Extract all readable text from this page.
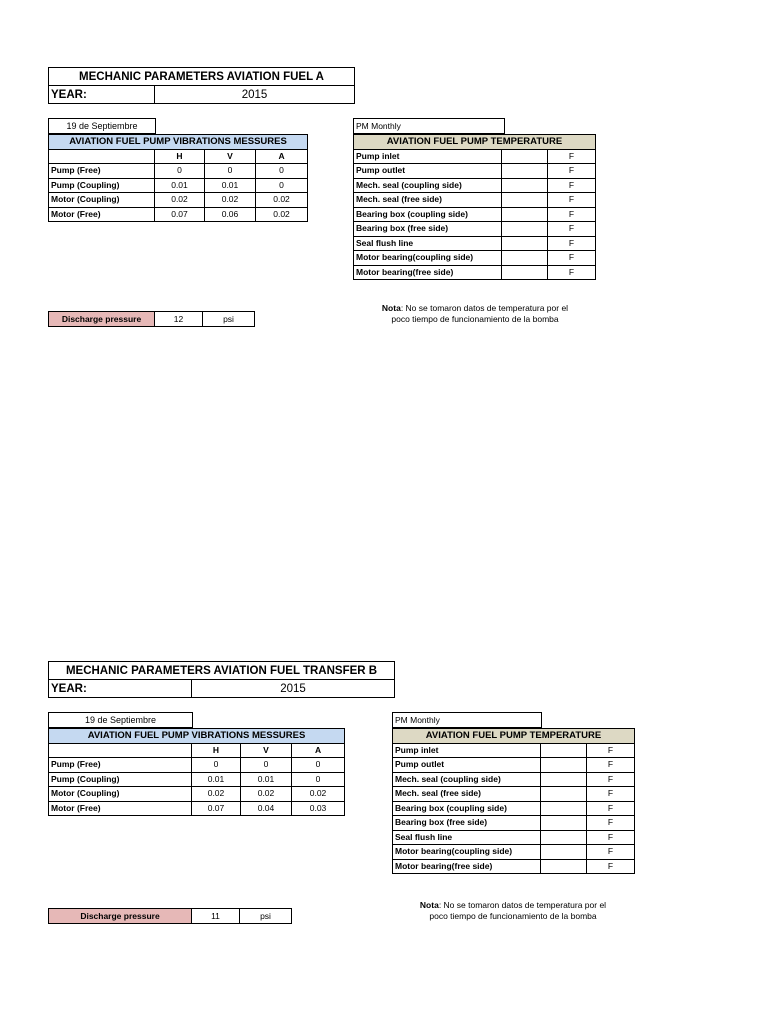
MECHANIC PARAMETERS AVIATION FUEL A
YEAR:	2015
19 de Septiembre	PM Monthly
AVIATION FUEL PUMP VIBRATIONS MESSURES			
	H	V	A
Pump (Free)	0	0	0
Pump (Coupling)	0.01	0.01	0
Motor (Coupling)	0.02	0.02	0.02
Motor (Free)	0.07	0.06	0.02
AVIATION FUEL PUMP TEMPERATURE		
Pump inlet		F
Pump outlet		F
Mech. seal (coupling side)		F
Mech. seal (free side)		F
Bearing box (coupling side)		F
Bearing box (free side)		F
Seal flush line		F
Motor bearing(coupling side)		F
Motor bearing(free side)		F
Discharge pressure	12	psi
Nota: No se tomaron datos de temperatura por el
poco tiempo de funcionamiento de la bomba
MECHANIC PARAMETERS AVIATION FUEL TRANSFER B
YEAR:	2015
19 de Septiembre	PM Monthly
AVIATION FUEL PUMP VIBRATIONS MESSURES			
	H	V	A
Pump (Free)	0	0	0
Pump (Coupling)	0.01	0.01	0
Motor (Coupling)	0.02	0.02	0.02
Motor (Free)	0.07	0.04	0.03
AVIATION FUEL PUMP TEMPERATURE		
Pump inlet		F
Pump outlet		F
Mech. seal (coupling side)		F
Mech. seal (free side)		F
Bearing box (coupling side)		F
Bearing box (free side)		F
Seal flush line		F
Motor bearing(coupling side)		F
Motor bearing(free side)		F
Discharge pressure	11	psi
Nota: No se tomaron datos de temperatura por el
poco tiempo de funcionamiento de la bomba
